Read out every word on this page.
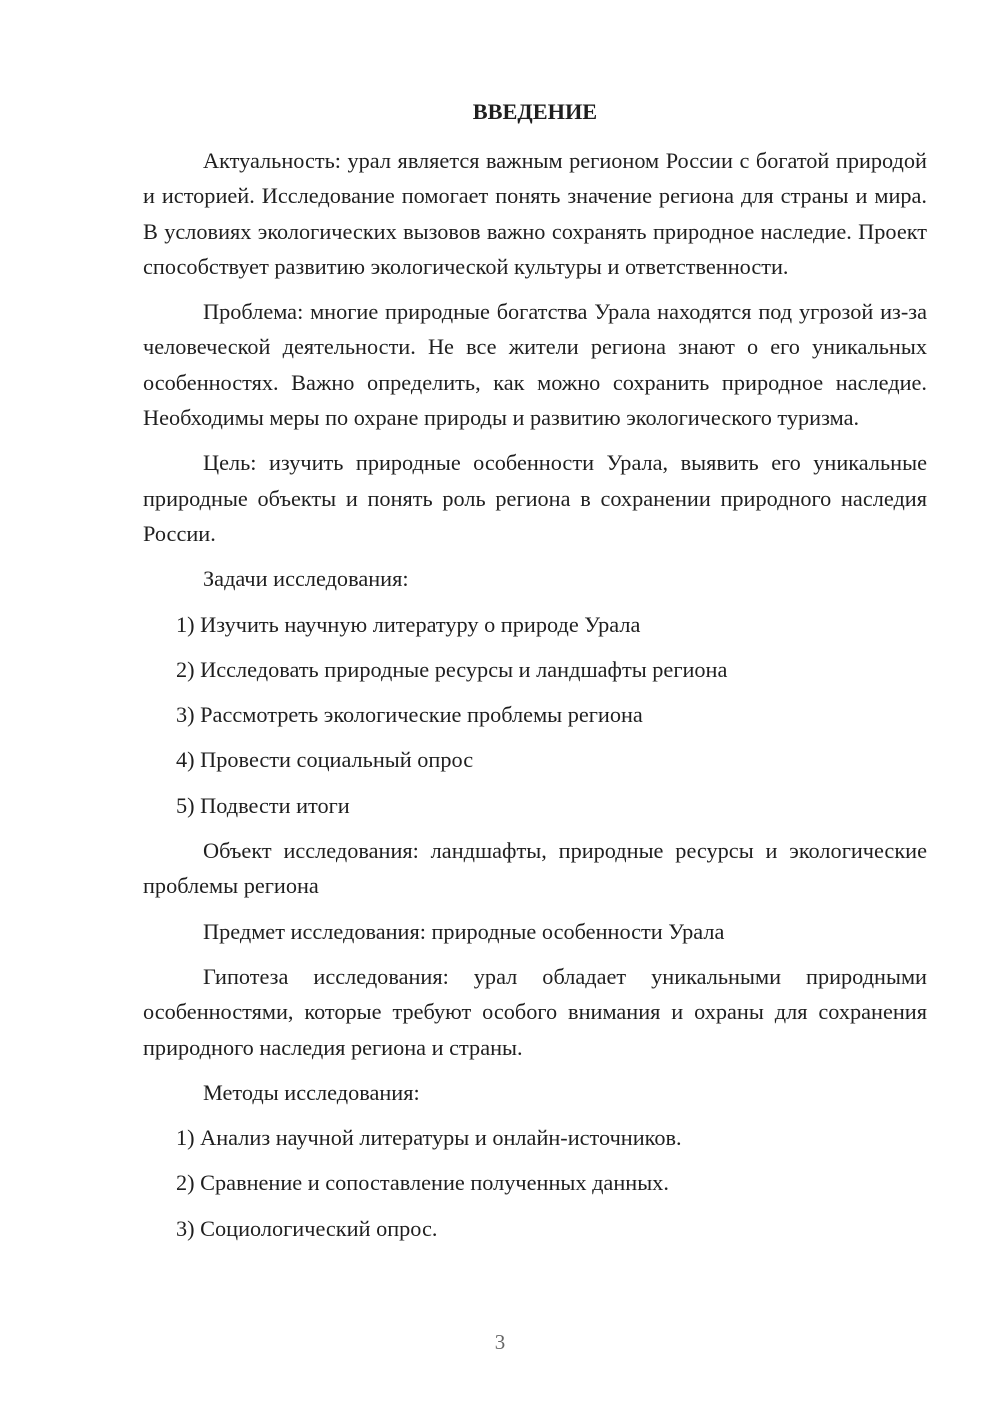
ВВЕДЕНИЕ

Актуальность: урал является важным регионом России с богатой природой и историей. Исследование помогает понять значение региона для страны и мира. В условиях экологических вызовов важно сохранять природное наследие. Проект способствует развитию экологической культуры и ответственности.

Проблема: многие природные богатства Урала находятся под угрозой из-за человеческой деятельности. Не все жители региона знают о его уникальных особенностях. Важно определить, как можно сохранить природное наследие. Необходимы меры по охране природы и развитию экологического туризма.

Цель: изучить природные особенности Урала, выявить его уникальные природные объекты и понять роль региона в сохранении природного наследия России.

Задачи исследования:
1) Изучить научную литературу о природе Урала
2) Исследовать природные ресурсы и ландшафты региона
3) Рассмотреть экологические проблемы региона
4) Провести социальный опрос
5) Подвести итоги

Объект исследования: ландшафты, природные ресурсы и экологические проблемы региона

Предмет исследования: природные особенности Урала

Гипотеза исследования: урал обладает уникальными природными особенностями, которые требуют особого внимания и охраны для сохранения природного наследия региона и страны.

Методы исследования:
1) Анализ научной литературы и онлайн-источников.
2) Сравнение и сопоставление полученных данных.
3) Социологический опрос.
3
